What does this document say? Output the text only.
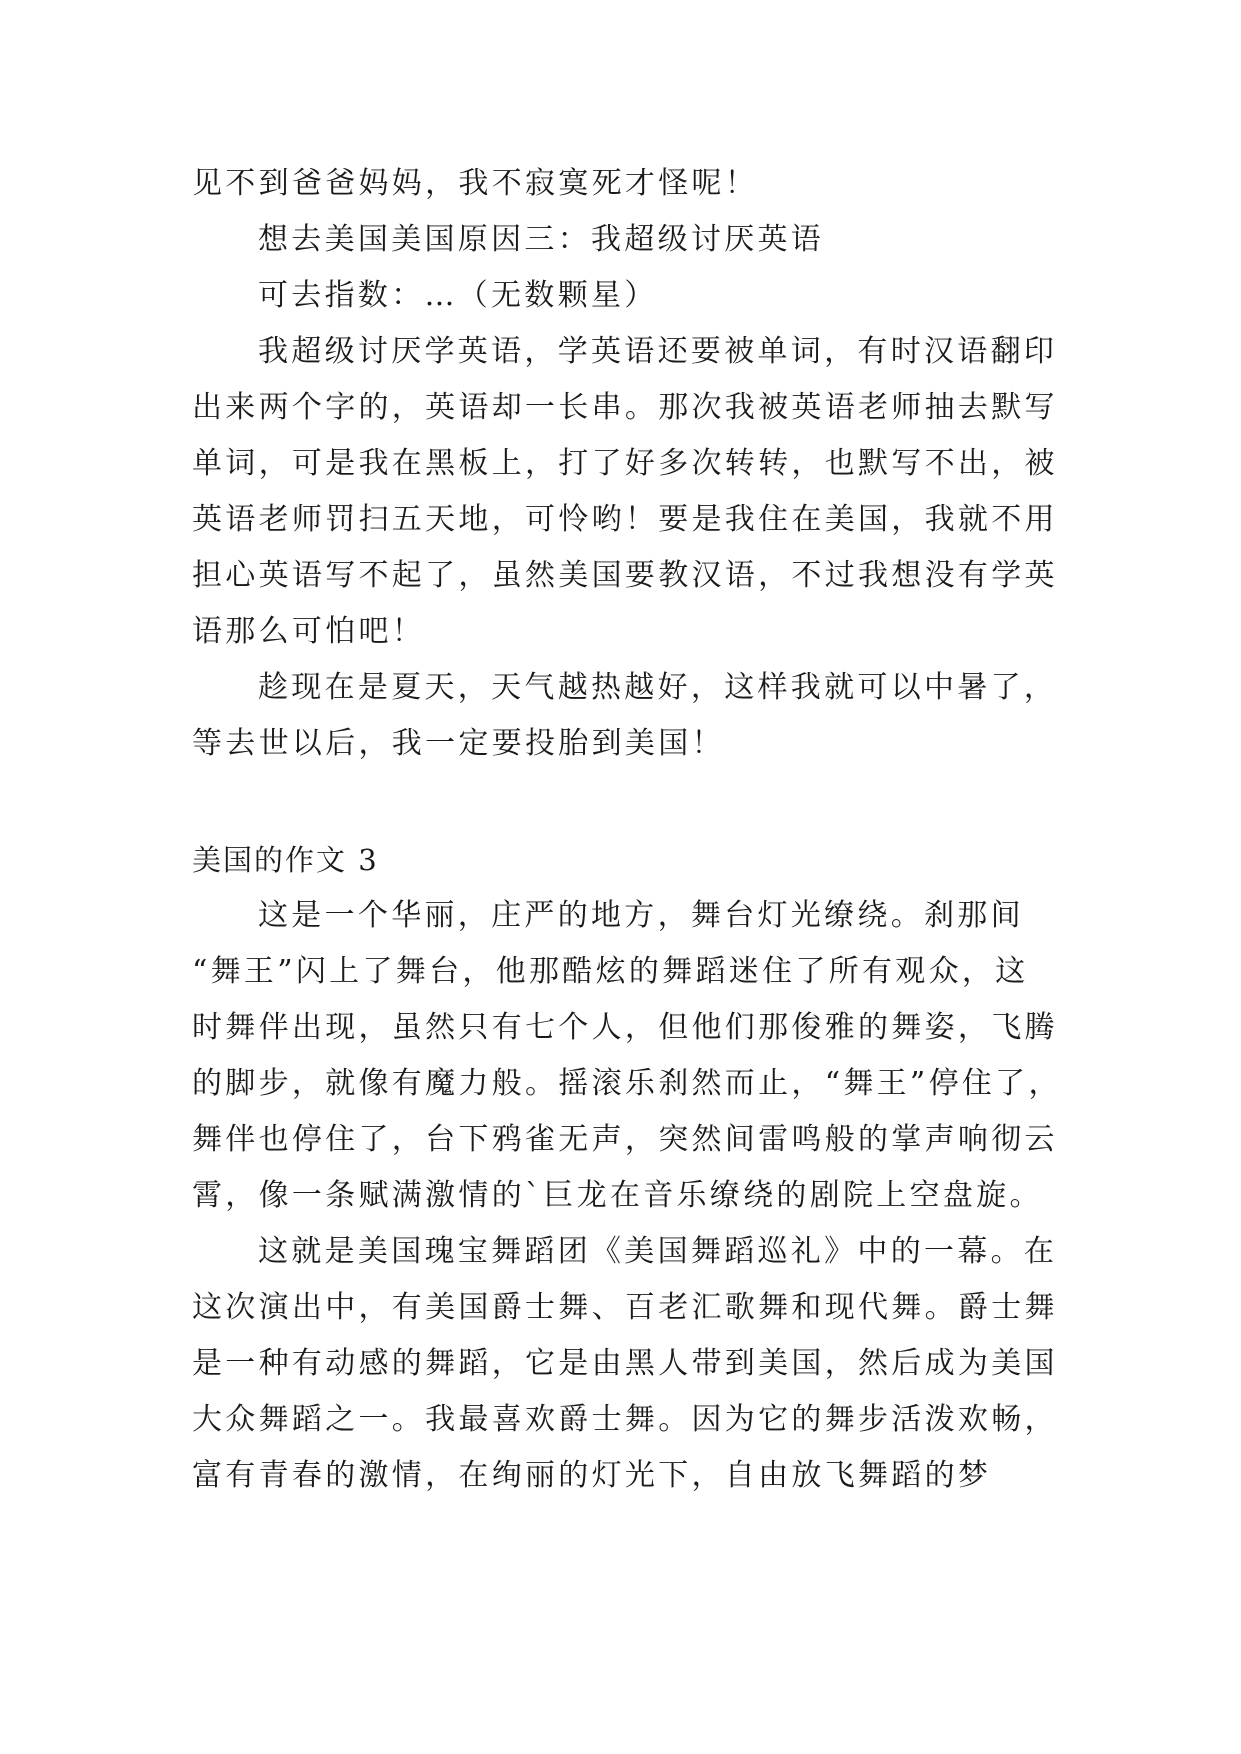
见不到爸爸妈妈，我不寂寞死才怪呢！
想去美国美国原因三：我超级讨厌英语
可去指数：…（无数颗星）
我超级讨厌学英语，学英语还要被单词，有时汉语翻印
出来两个字的，英语却一长串。那次我被英语老师抽去默写
单词，可是我在黑板上，打了好多次转转，也默写不出，被
英语老师罚扫五天地，可怜哟！要是我住在美国，我就不用
担心英语写不起了，虽然美国要教汉语，不过我想没有学英
语那么可怕吧！
趁现在是夏天，天气越热越好，这样我就可以中暑了，
等去世以后，我一定要投胎到美国！
美国的作文 3
这是一个华丽，庄严的地方，舞台灯光缭绕。刹那间
“舞王”闪上了舞台，他那酷炫的舞蹈迷住了所有观众，这
时舞伴出现，虽然只有七个人，但他们那俊雅的舞姿，飞腾
的脚步，就像有魔力般。摇滚乐刹然而止，“舞王”停住了，
舞伴也停住了，台下鸦雀无声，突然间雷鸣般的掌声响彻云
霄，像一条赋满激情的`巨龙在音乐缭绕的剧院上空盘旋。
这就是美国瑰宝舞蹈团《美国舞蹈巡礼》中的一幕。在
这次演出中，有美国爵士舞、百老汇歌舞和现代舞。爵士舞
是一种有动感的舞蹈，它是由黑人带到美国，然后成为美国
大众舞蹈之一。我最喜欢爵士舞。因为它的舞步活泼欢畅，
富有青春的激情，在绚丽的灯光下，自由放飞舞蹈的梦
